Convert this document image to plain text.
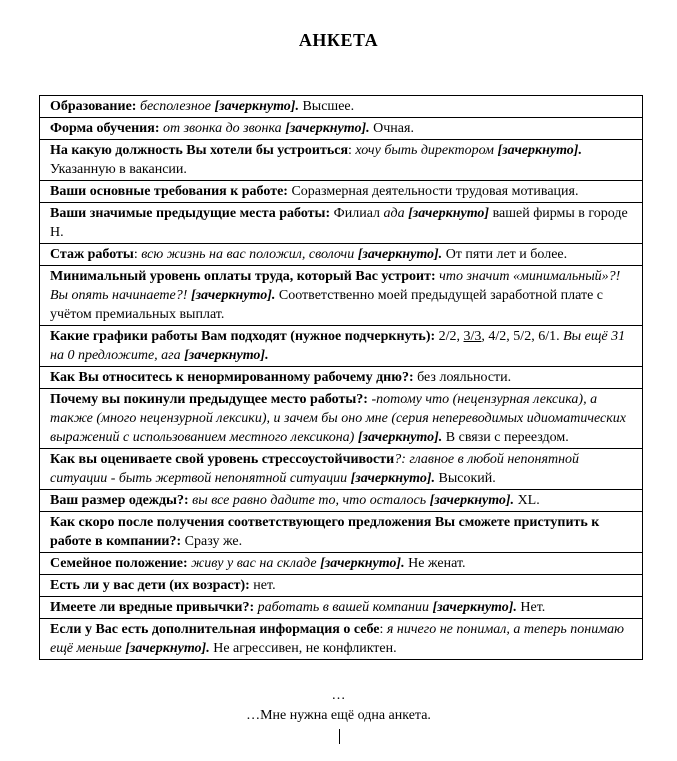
АНКЕТА
Образование: бесполезное [зачеркнуто]. Высшее.
Форма обучения: от звонка до звонка [зачеркнуто]. Очная.
На какую должность Вы хотели бы устроиться: хочу быть директором [зачеркнуто]. Указанную в вакансии.
Ваши основные требования к работе: Соразмерная деятельности трудовая мотивация.
Ваши значимые предыдущие места работы: Филиал ада [зачеркнуто] вашей фирмы в городе Н.
Стаж работы: всю жизнь на вас положил, сволочи [зачеркнуто]. От пяти лет и более.
Минимальный уровень оплаты труда, который Вас устроит: что значит «минимальный»?! Вы опять начинаете?! [зачеркнуто]. Соответственно моей предыдущей заработной плате с учётом премиальных выплат.
Какие графики работы Вам подходят (нужное подчеркнуть): 2/2, 3/3, 4/2, 5/2, 6/1. Вы ещё 31 на 0 предложите, ага [зачеркнуто].
Как Вы относитесь к ненормированному рабочему дню?: без лояльности.
Почему вы покинули предыдущее место работы?: -потому что (нецензурная лексика), а также (много нецензурной лексики), и зачем бы оно мне (серия непереводимых идиоматических выражений с использованием местного лексикона) [зачеркнуто]. В связи с переездом.
Как вы оцениваете свой уровень стрессоустойчивости?: главное в любой непонятной ситуации - быть жертвой непонятной ситуации [зачеркнуто]. Высокий.
Ваш размер одежды?: вы все равно дадите то, что осталось [зачеркнуто]. XL.
Как скоро после получения соответствующего предложения Вы сможете приступить к работе в компании?: Сразу же.
Семейное положение: живу у вас на складе [зачеркнуто]. Не женат.
Есть ли у вас дети (их возраст): нет.
Имеете ли вредные привычки?: работать в вашей компании [зачеркнуто]. Нет.
Если у Вас есть дополнительная информация о себе: я ничего не понимал, а теперь понимаю ещё меньше [зачеркнуто]. Не агрессивен, не конфликтен.
…
…Мне нужна ещё одна анкета.
